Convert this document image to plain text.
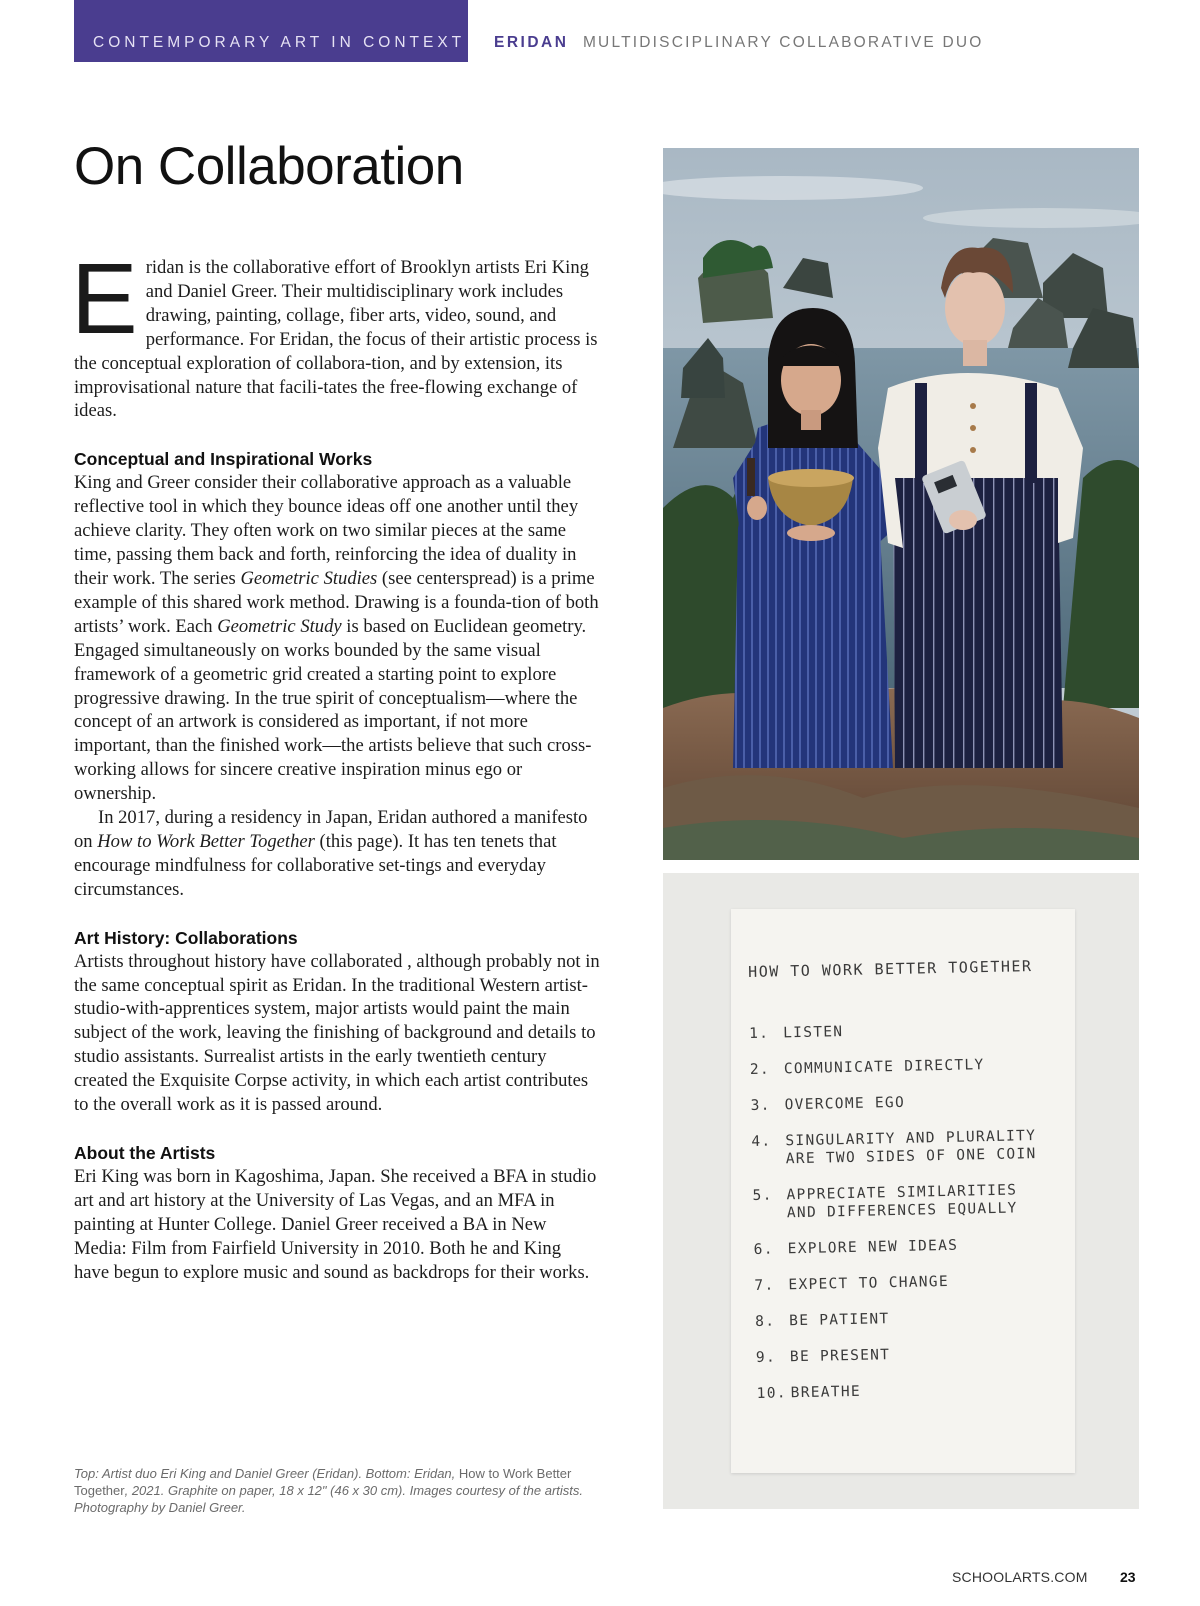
CONTEMPORARY ART IN CONTEXT ERIDAN MULTIDISCIPLINARY COLLABORATIVE DUO
On Collaboration

Eridan is the collaborative effort of Brooklyn artists Eri King and Daniel Greer. Their multidisciplinary work includes drawing, painting, collage, fiber arts, video, sound, and performance. For Eridan, the focus of their artistic process is the conceptual exploration of collabora-tion, and by extension, its improvisational nature that facili-tates the free-flowing exchange of ideas.

Conceptual and Inspirational Works

King and Greer consider their collaborative approach as a valuable reflective tool in which they bounce ideas off one another until they achieve clarity. They often work on two similar pieces at the same time, passing them back and forth, reinforcing the idea of duality in their work. The series Geometric Studies (see centerspread) is a prime example of this shared work method. Drawing is a founda-tion of both artists’ work. Each Geometric Study is based on Euclidean geometry. Engaged simultaneously on works bounded by the same visual framework of a geometric grid created a starting point to explore progressive drawing. In the true spirit of conceptualism—where the concept of an artwork is considered as important, if not more important, than the finished work—the artists believe that such cross-working allows for sincere creative inspiration minus ego or ownership.

In 2017, during a residency in Japan, Eridan authored a manifesto on How to Work Better Together (this page). It has ten tenets that encourage mindfulness for collaborative set-tings and everyday circumstances.

Art History: Collaborations

Artists throughout history have collaborated , although probably not in the same conceptual spirit as Eridan. In the traditional Western artist-studio-with-apprentices system, major artists would paint the main subject of the work, leaving the finishing of background and details to studio assistants. Surrealist artists in the early twentieth century created the Exquisite Corpse activity, in which each artist contributes to the overall work as it is passed around.

About the Artists

Eri King was born in Kagoshima, Japan. She received a BFA in studio art and art history at the University of Las Vegas, and an MFA in painting at Hunter College. Daniel Greer received a BA in New Media: Film from Fairfield University in 2010. Both he and King have begun to explore music and sound as backdrops for their works.

Top: Artist duo Eri King and Daniel Greer (Eridan). Bottom: Eridan, How to Work Better Together, 2021. Graphite on paper, 18 x 12" (46 x 30 cm). Images courtesy of the artists. Photography by Daniel Greer.
HOW TO WORK BETTER TOGETHER
1. LISTEN
2. COMMUNICATE DIRECTLY
3. OVERCOME EGO
4. SINGULARITY AND PLURALITY
ARE TWO SIDES OF ONE COIN
5. APPRECIATE SIMILARITIES
AND DIFFERENCES EQUALLY
6. EXPLORE NEW IDEAS
7. EXPECT TO CHANGE
8. BE PATIENT
9. BE PRESENT
10. BREATHE
SCHOOLARTS.COM 23
